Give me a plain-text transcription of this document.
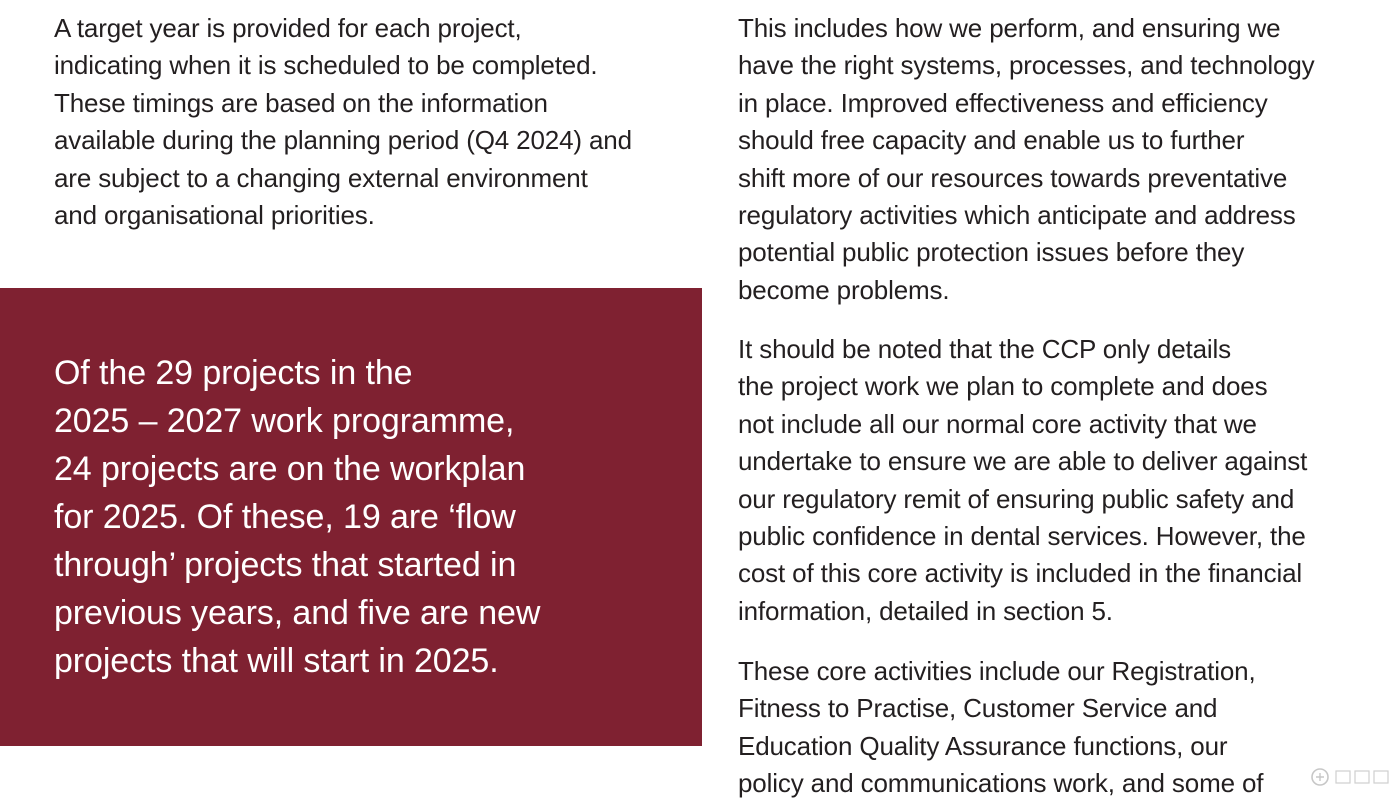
A target year is provided for each project,
indicating when it is scheduled to be completed.
These timings are based on the information
available during the planning period (Q4 2024) and
are subject to a changing external environment
and organisational priorities.
Of the 29 projects in the
2025 – 2027 work programme,
24 projects are on the workplan
for 2025. Of these, 19 are ‘flow
through’ projects that started in
previous years, and five are new
projects that will start in 2025.
This includes how we perform, and ensuring we
have the right systems, processes, and technology
in place. Improved effectiveness and efficiency
should free capacity and enable us to further
shift more of our resources towards preventative
regulatory activities which anticipate and address
potential public protection issues before they
become problems.
It should be noted that the CCP only details
the project work we plan to complete and does
not include all our normal core activity that we
undertake to ensure we are able to deliver against
our regulatory remit of ensuring public safety and
public confidence in dental services. However, the
cost of this core activity is included in the financial
information, detailed in section 5.
These core activities include our Registration,
Fitness to Practise, Customer Service and
Education Quality Assurance functions, our
policy and communications work, and some of
